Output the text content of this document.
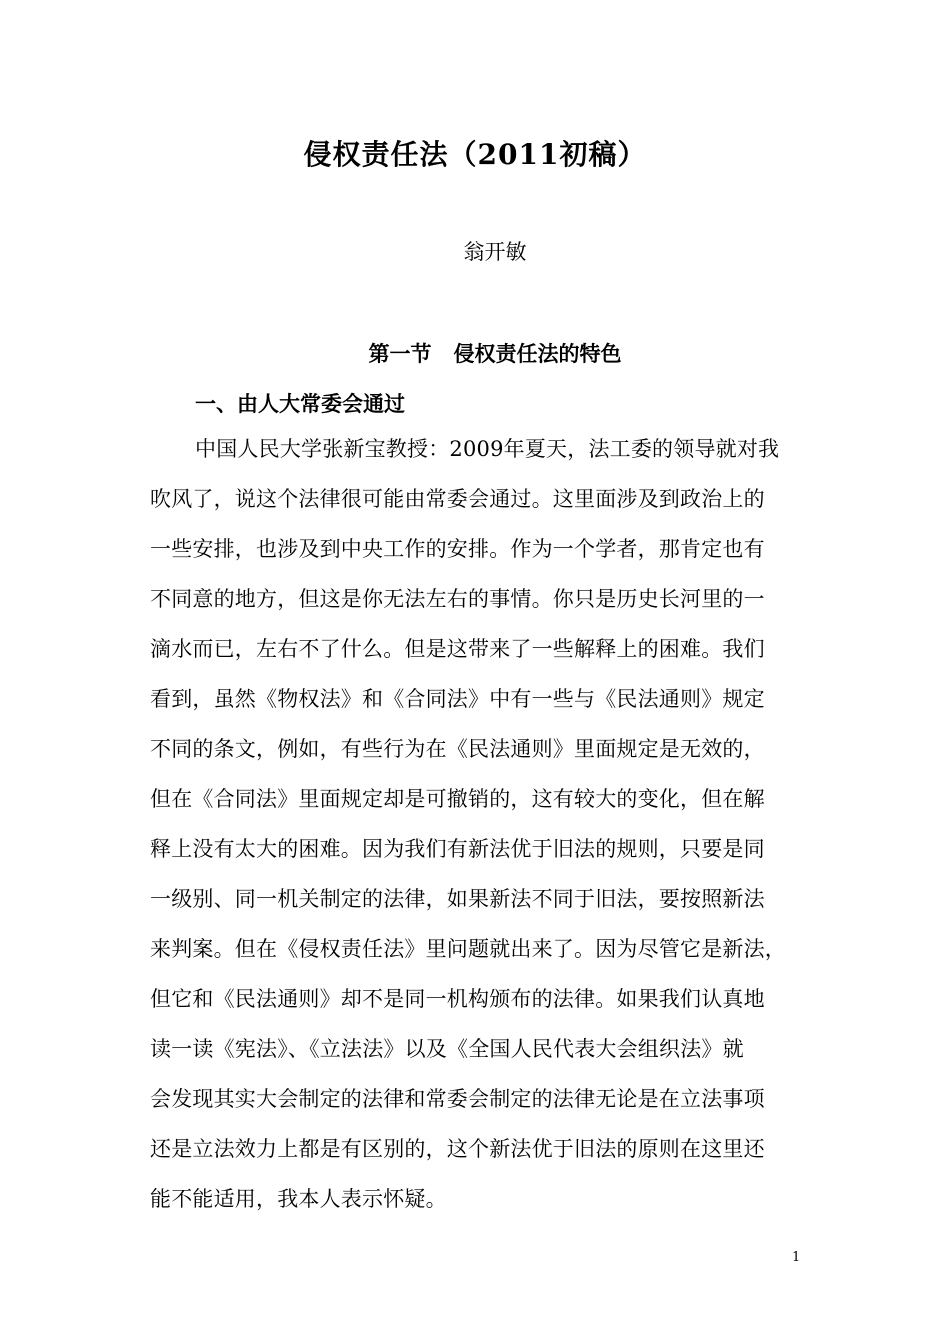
侵权责任法（2011初稿）
翁开敏
第一节   侵权责任法的特色
一、由人大常委会通过
中国人民大学张新宝教授：2009年夏天，法工委的领导就对我
吹风了，说这个法律很可能由常委会通过。这里面涉及到政治上的
一些安排，也涉及到中央工作的安排。作为一个学者，那肯定也有
不同意的地方，但这是你无法左右的事情。你只是历史长河里的一
滴水而已，左右不了什么。但是这带来了一些解释上的困难。我们
看到，虽然《物权法》和《合同法》中有一些与《民法通则》规定
不同的条文，例如，有些行为在《民法通则》里面规定是无效的，
但在《合同法》里面规定却是可撤销的，这有较大的变化，但在解
释上没有太大的困难。因为我们有新法优于旧法的规则，只要是同
一级别、同一机关制定的法律，如果新法不同于旧法，要按照新法
来判案。但在《侵权责任法》里问题就出来了。因为尽管它是新法，
但它和《民法通则》却不是同一机构颁布的法律。如果我们认真地
读一读《宪法》、《立法法》以及《全国人民代表大会组织法》就
会发现其实大会制定的法律和常委会制定的法律无论是在立法事项
还是立法效力上都是有区别的，这个新法优于旧法的原则在这里还
能不能适用，我本人表示怀疑。
1
